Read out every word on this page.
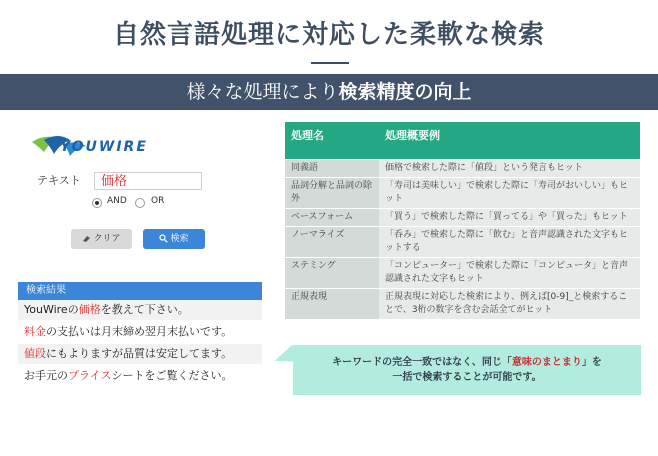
自然言語処理に対応した柔軟な検索
様々な処理により検索精度の向上
YOUWIRE
テキスト	価格
AND	OR
クリア	検索
検索結果
YouWireの価格を教えて下さい。
料金の支払いは月末締め翌月末払いです。
値段にもよりますが品質は安定してます。
お手元のプライスシートをご覧ください。
処理名	処理概要例
同義語	価格で検索した際に「値段」という発言もヒット
品詞分解と品詞の除外	「寿司は美味しい」で検索した際に「寿司がおいしい」もヒット
ベースフォーム	「買う」で検索した際に「買ってる」や「買った」もヒット
ノーマライズ	「呑み」で検索した際に「飲む」と音声認識された文字もヒットする
ステミング	「コンピューター」で検索した際に「コンピュータ」と音声認識された文字もヒット
正規表現	正規表現に対応した検索により、例えば[0-9]_と検索することで、3桁の数字を含む会話全てがヒット
キーワードの完全一致ではなく、同じ「意味のまとまり」を
一括で検索することが可能です。
